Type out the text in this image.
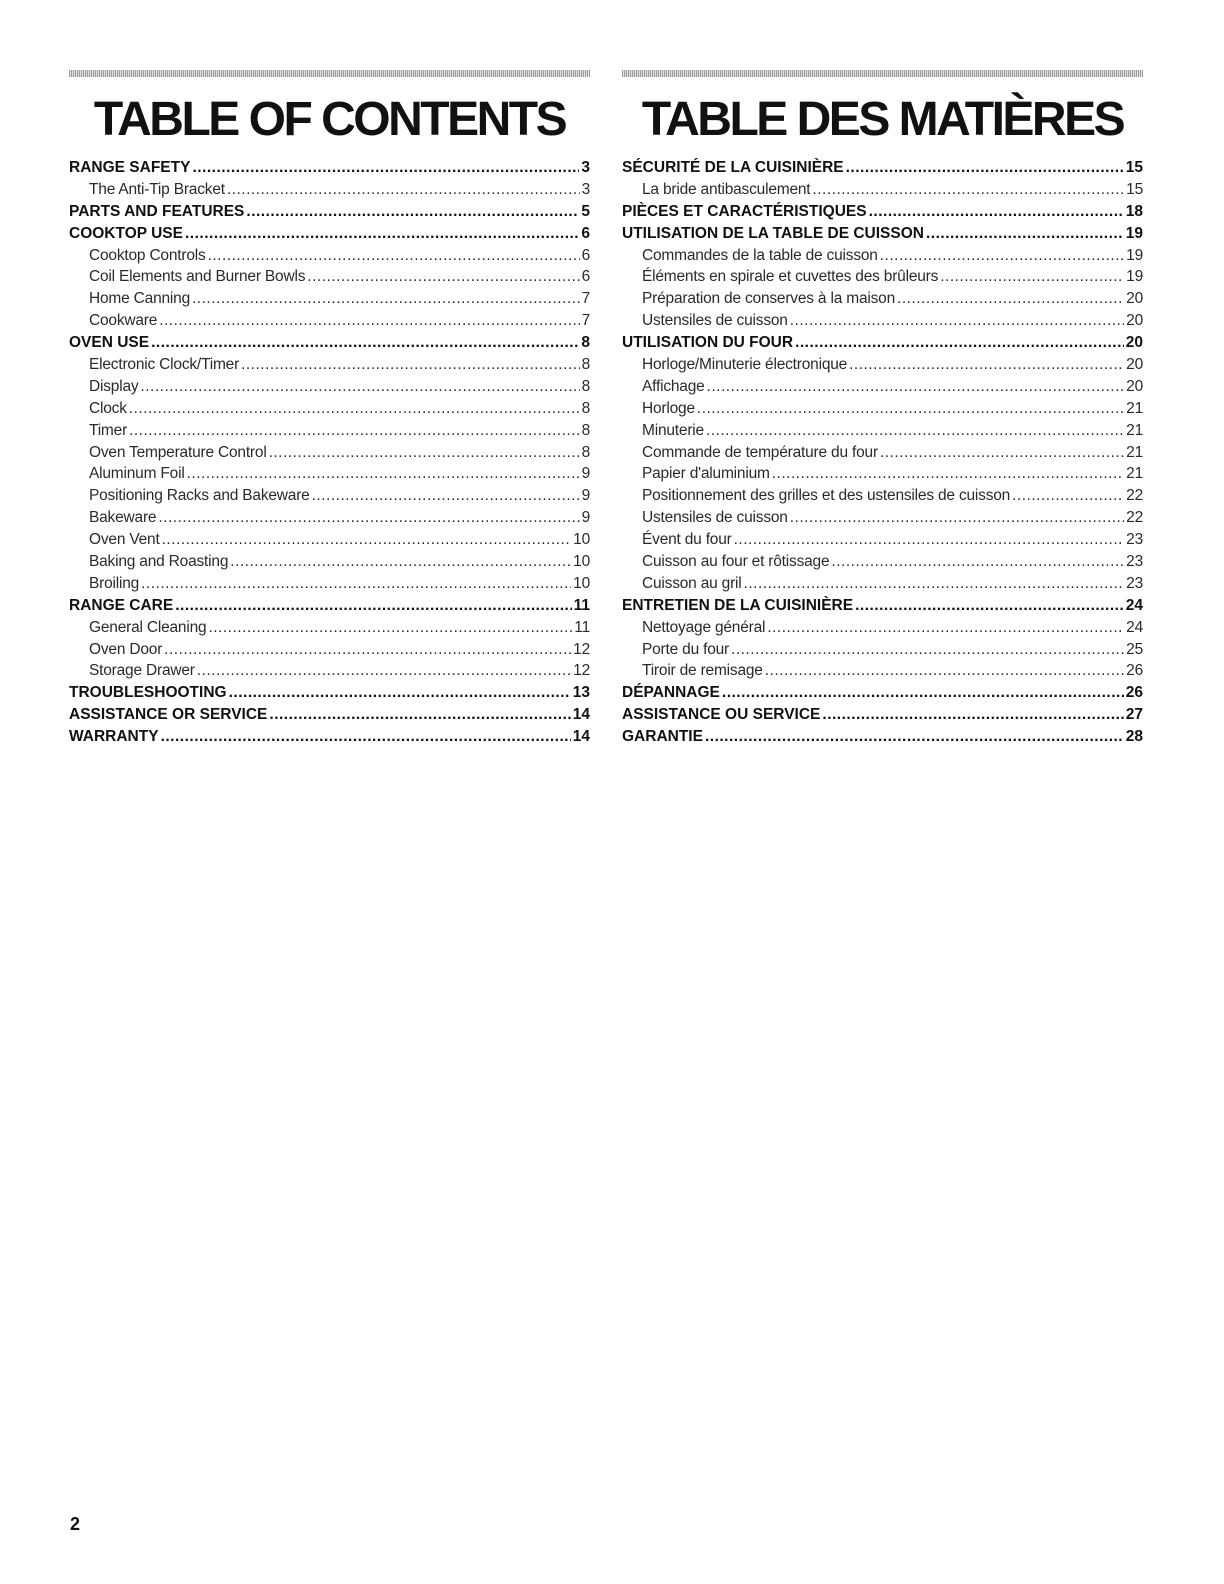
TABLE OF CONTENTS
RANGE SAFETY .....	3
The Anti-Tip Bracket .....	3
PARTS AND FEATURES .....	5
COOKTOP USE .....	6
Cooktop Controls .....	6
Coil Elements and Burner Bowls .....	6
Home Canning .....	7
Cookware .....	7
OVEN USE .....	8
Electronic Clock/Timer .....	8
Display .....	8
Clock .....	8
Timer .....	8
Oven Temperature Control .....	8
Aluminum Foil .....	9
Positioning Racks and Bakeware .....	9
Bakeware .....	9
Oven Vent .....	10
Baking and Roasting .....	10
Broiling .....	10
RANGE CARE .....	11
General Cleaning .....	11
Oven Door .....	12
Storage Drawer .....	12
TROUBLESHOOTING .....	13
ASSISTANCE OR SERVICE .....	14
WARRANTY .....	14
TABLE DES MATIÈRES
SÉCURITÉ DE LA CUISINIÈRE .....	15
La bride antibasculement .....	15
PIÈCES ET CARACTÉRISTIQUES .....	18
UTILISATION DE LA TABLE DE CUISSON .....	19
Commandes de la table de cuisson .....	19
Éléments en spirale et cuvettes des brûleurs .....	19
Préparation de conserves à la maison .....	20
Ustensiles de cuisson .....	20
UTILISATION DU FOUR .....	20
Horloge/Minuterie électronique .....	20
Affichage .....	20
Horloge .....	21
Minuterie .....	21
Commande de température du four .....	21
Papier d'aluminium .....	21
Positionnement des grilles et des ustensiles de cuisson .....	22
Ustensiles de cuisson .....	22
Évent du four .....	23
Cuisson au four et rôtissage .....	23
Cuisson au gril .....	23
ENTRETIEN DE LA CUISINIÈRE .....	24
Nettoyage général .....	24
Porte du four .....	25
Tiroir de remisage .....	26
DÉPANNAGE .....	26
ASSISTANCE OU SERVICE .....	27
GARANTIE .....	28
2
